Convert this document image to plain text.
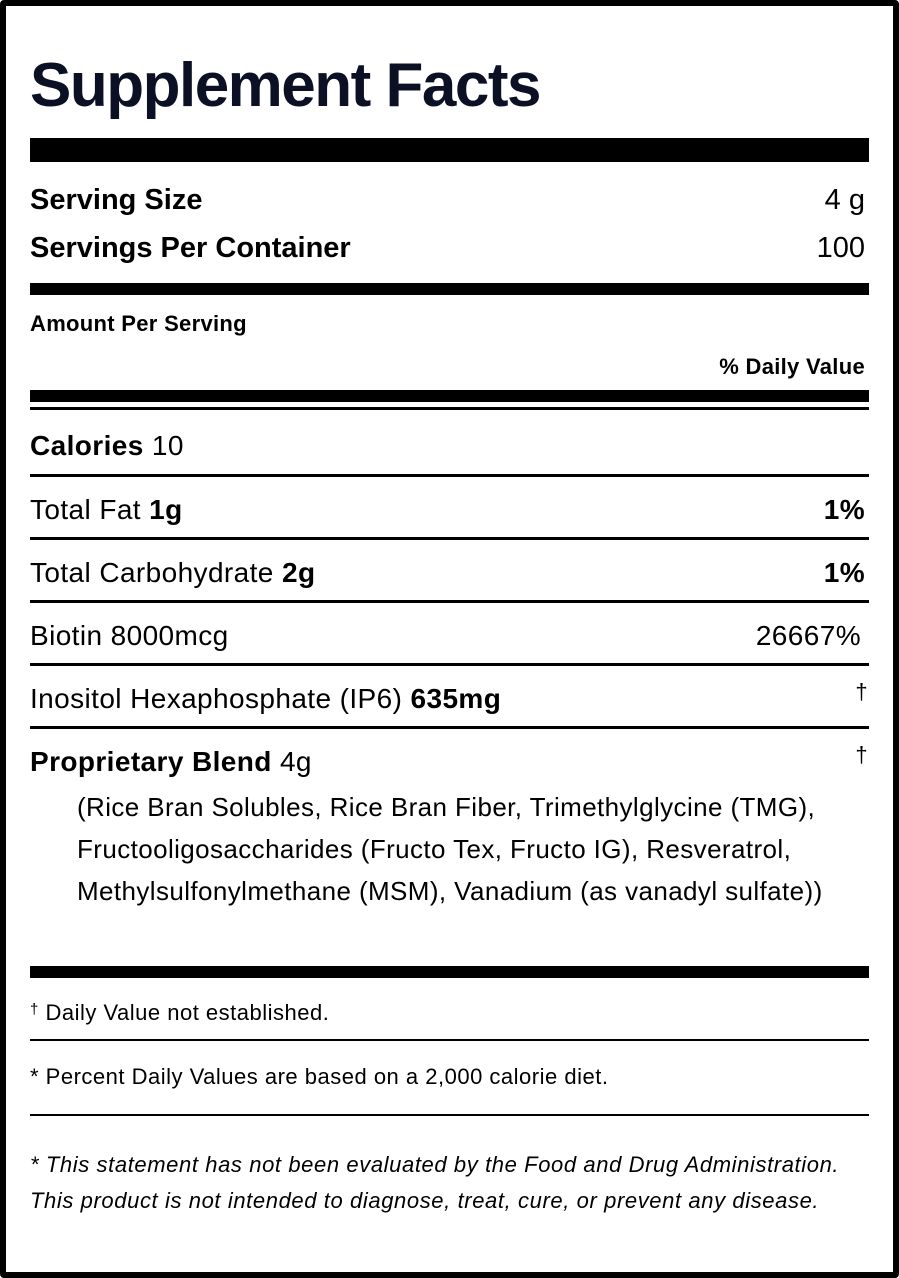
Supplement Facts
Serving Size	4 g
Servings Per Container	100
Amount Per Serving
% Daily Value
Calories 10
Total Fat 1g	1%
Total Carbohydrate 2g	1%
Biotin 8000mcg	26667%
Inositol Hexaphosphate (IP6) 635mg	†
Proprietary Blend 4g	†
(Rice Bran Solubles, Rice Bran Fiber, Trimethylglycine (TMG), Fructooligosaccharides (Fructo Tex, Fructo IG), Resveratrol, Methylsulfonylmethane (MSM), Vanadium (as vanadyl sulfate))
† Daily Value not established.
* Percent Daily Values are based on a 2,000 calorie diet.
* This statement has not been evaluated by the Food and Drug Administration. This product is not intended to diagnose, treat, cure, or prevent any disease.
